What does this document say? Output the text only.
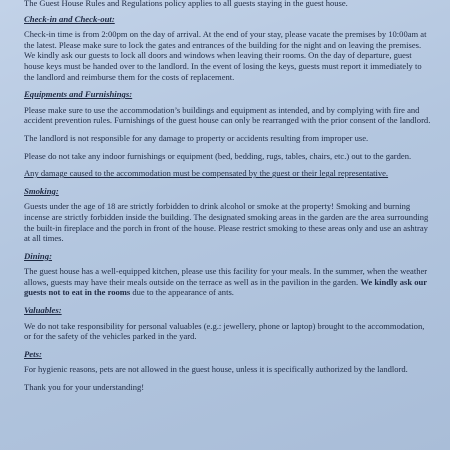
The Guest House Rules and Regulations policy applies to all guests staying in the guest house.

Check-in and Check-out:

Check-in time is from 2:00pm on the day of arrival. At the end of your stay, please vacate the premises by 10:00am at the latest. Please make sure to lock the gates and entrances of the building for the night and on leaving the premises. We kindly ask our guests to lock all doors and windows when leaving their rooms. On the day of departure, guest house keys must be handed over to the landlord. In the event of losing the keys, guests must report it immediately to the landlord and reimburse them for the costs of replacement.

Equipments and Furnishings:

Please make sure to use the accommodation’s buildings and equipment as intended, and by complying with fire and accident prevention rules. Furnishings of the guest house can only be rearranged with the prior consent of the landlord.

The landlord is not responsible for any damage to property or accidents resulting from improper use.

Please do not take any indoor furnishings or equipment (bed, bedding, rugs, tables, chairs, etc.) out to the garden.

Any damage caused to the accommodation must be compensated by the guest or their legal representative.

Smoking:

Guests under the age of 18 are strictly forbidden to drink alcohol or smoke at the property! Smoking and burning incense are strictly forbidden inside the building. The designated smoking areas in the garden are the area surrounding the built-in fireplace and the porch in front of the house. Please restrict smoking to these areas only and use an ashtray at all times.

Dining:

The guest house has a well-equipped kitchen, please use this facility for your meals. In the summer, when the weather allows, guests may have their meals outside on the terrace as well as in the pavilion in the garden. We kindly ask our guests not to eat in the rooms due to the appearance of ants.

Valuables:

We do not take responsibility for personal valuables (e.g.: jewellery, phone or laptop) brought to the accommodation, or for the safety of the vehicles parked in the yard.

Pets:

For hygienic reasons, pets are not allowed in the guest house, unless it is specifically authorized by the landlord.

Thank you for your understanding!
